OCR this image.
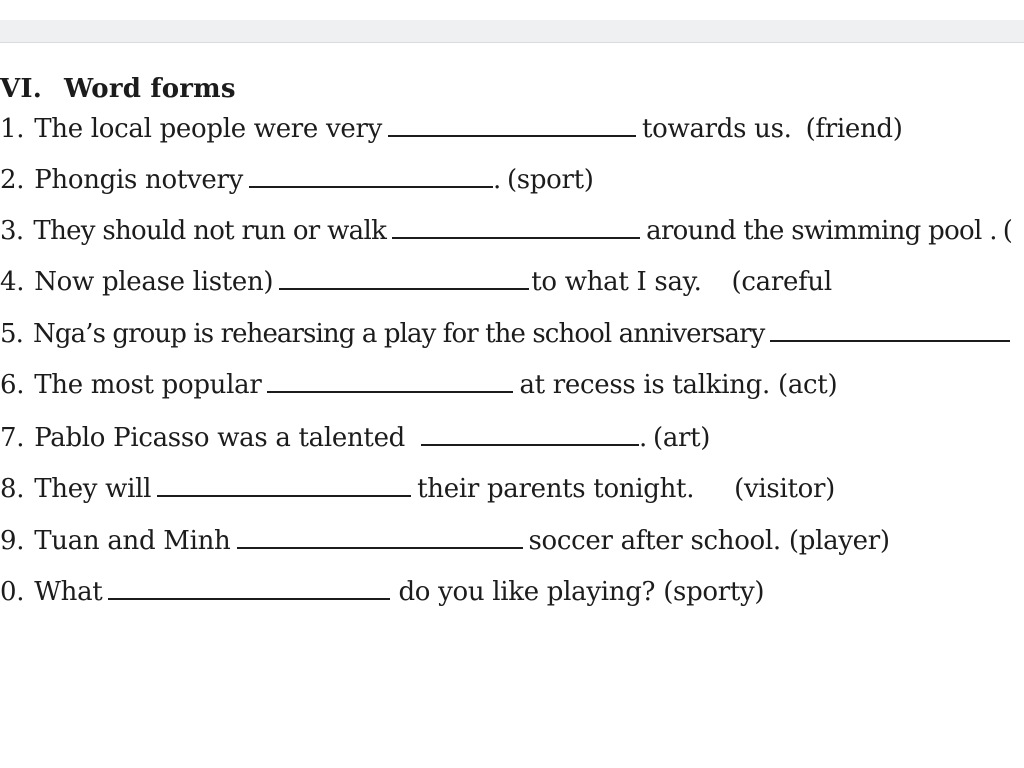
VI. Word forms
1. The local people were very	towards us. (friend)
2. Phongis notvery	. (sport)
3. They should not run or walk	around the swimming pool . (
4. Now please listen)	to what I say. (careful
5. Nga’s group is rehearsing a play for the school anniversary
6. The most popular	at recess is talking. (act)
7. Pablo Picasso was a talented	. (art)
8. They will	their parents tonight. (visitor)
9. Tuan and Minh	soccer after school. (player)
0. What	do you like playing? (sporty)
